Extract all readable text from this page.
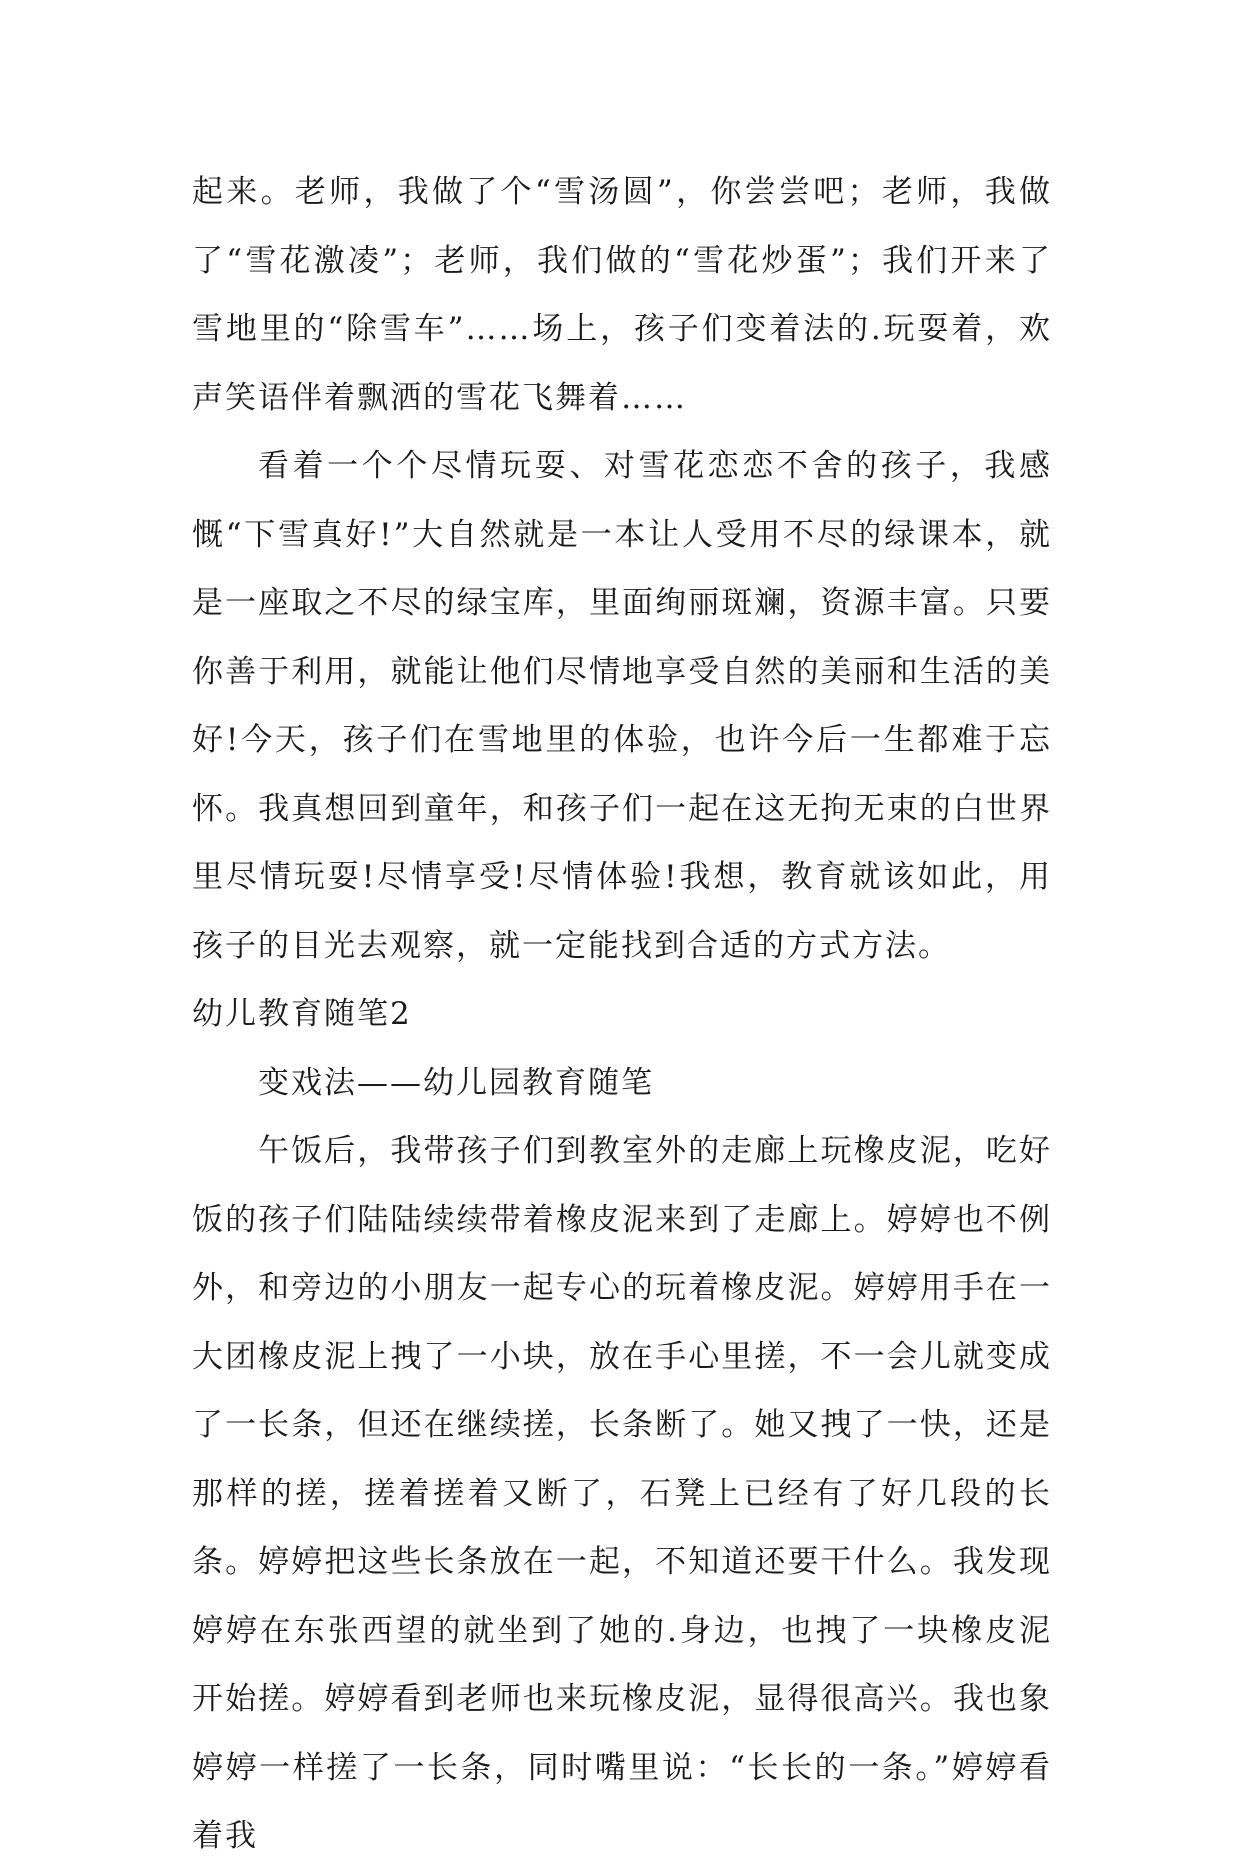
起来。老师，我做了个“雪汤圆”，你尝尝吧；老师，我做了“雪花激凌”；老师，我们做的“雪花炒蛋”；我们开来了雪地里的“除雪车”……场上，孩子们变着法的.玩耍着，欢声笑语伴着飘洒的雪花飞舞着……

看着一个个尽情玩耍、对雪花恋恋不舍的孩子，我感慨“下雪真好!”大自然就是一本让人受用不尽的绿课本，就是一座取之不尽的绿宝库，里面绚丽斑斓，资源丰富。只要你善于利用，就能让他们尽情地享受自然的美丽和生活的美好!今天，孩子们在雪地里的体验，也许今后一生都难于忘怀。我真想回到童年，和孩子们一起在这无拘无束的白世界里尽情玩耍!尽情享受!尽情体验!我想，教育就该如此，用孩子的目光去观察，就一定能找到合适的方式方法。

幼儿教育随笔2

变戏法——幼儿园教育随笔

午饭后，我带孩子们到教室外的走廊上玩橡皮泥，吃好饭的孩子们陆陆续续带着橡皮泥来到了走廊上。婷婷也不例外，和旁边的小朋友一起专心的玩着橡皮泥。婷婷用手在一大团橡皮泥上拽了一小块，放在手心里搓，不一会儿就变成了一长条，但还在继续搓，长条断了。她又拽了一快，还是那样的搓，搓着搓着又断了，石凳上已经有了好几段的长条。婷婷把这些长条放在一起，不知道还要干什么。我发现婷婷在东张西望的就坐到了她的.身边，也拽了一块橡皮泥开始搓。婷婷看到老师也来玩橡皮泥，显得很高兴。我也象婷婷一样搓了一长条，同时嘴里说：“长长的一条。”婷婷看着我
